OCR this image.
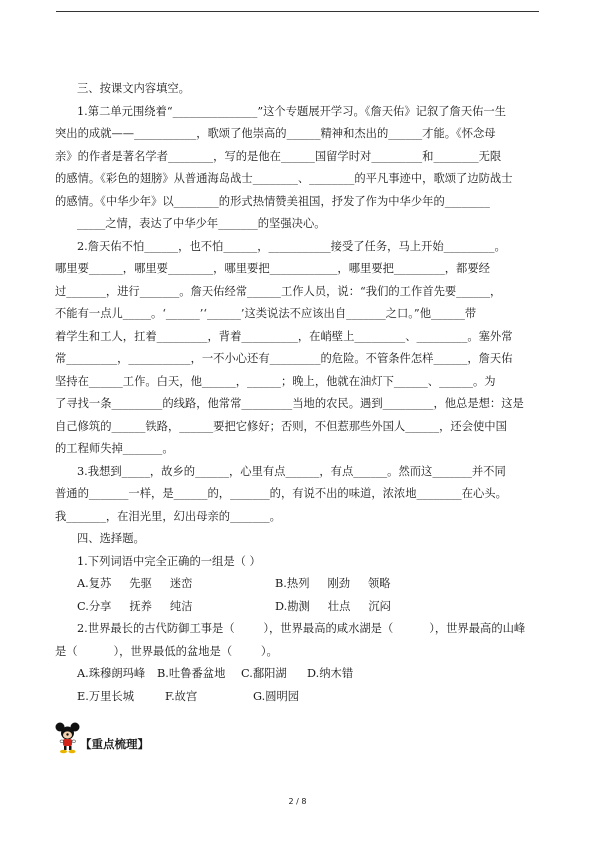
三、按课文内容填空。
1.第二单元围绕着“_______________”这个专题展开学习。《詹天佑》记叙了詹天佑一生
突出的成就——___________，歌颂了他崇高的______精神和杰出的______才能。《怀念母
亲》的作者是著名学者________，写的是他在______国留学时对_________和________无限
的感情。《彩色的翅膀》从普通海岛战士________、________的平凡事迹中，歌颂了边防战士
的感情。《中华少年》以________的形式热情赞美祖国，抒发了作为中华少年的________
_____之情，表达了中华少年_______的坚强决心。
2.詹天佑不怕______，也不怕______，___________接受了任务，马上开始_________。
哪里要______，哪里要________，哪里要把____________，哪里要把_________，都要经
过_______，进行_______。詹天佑经常______工作人员，说：“我们的工作首先要______，
不能有一点儿_____。‘______’‘______’这类说法不应该出自_______之口。”他______带
着学生和工人，扛着_________，背着__________，在峭壁上_________、_________。塞外常
常_________，___________，一不小心还有_________的危险。不管条件怎样______，詹天佑
坚持在______工作。白天，他______，______；晚上，他就在油灯下______、______。为
了寻找一条_________的线路，他常常_________当地的农民。遇到_________，他总是想：这是
自己修筑的______铁路，______要把它修好；否则，不但惹那些外国人______，还会使中国
的工程师失掉_______。
3.我想到_____，故乡的______，心里有点______，有点______。然而这_______并不同
普通的_______一样，是______的，_______的，有说不出的味道，浓浓地________在心头。
我_______，在泪光里，幻出母亲的_______。
四、选择题。
1.下列词语中完全正确的一组是（ ）
A.复苏     先驱     迷峦	B.热列     刚劲     领略
C.分享     抚养     纯洁	D.勘测     壮点     沉闷
2.世界最长的古代防御工事是（        ），世界最高的咸水湖是（          ），世界最高的山峰
是（          ），世界最低的盆地是（        ）。
A.珠穆朗玛峰 B.吐鲁番盆地 C.鄱阳湖 D.纳木错
E.万里长城	F.故宫	G.圆明园
【重点梳理】
2 / 8
